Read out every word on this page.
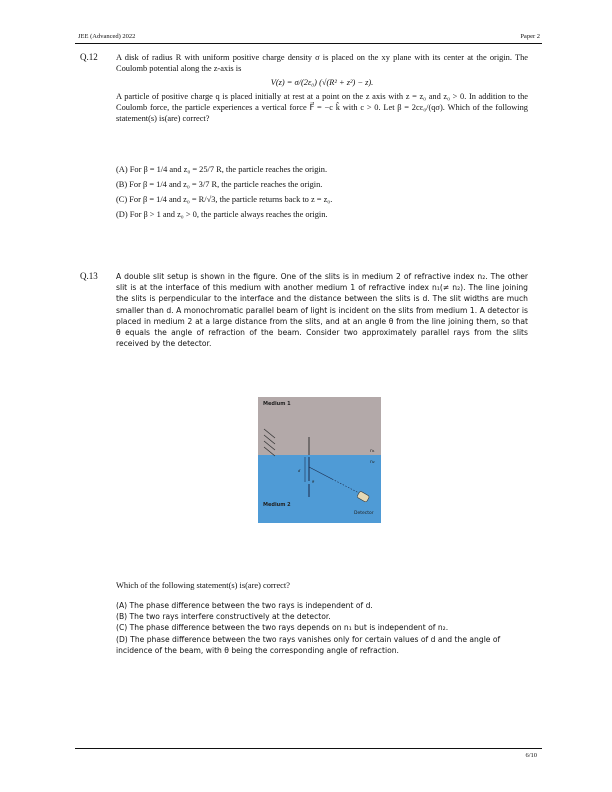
JEE (Advanced) 2022	Paper 2
Q.12 A disk of radius R with uniform positive charge density σ is placed on the xy plane with its center at the origin. The Coulomb potential along the z-axis is
V(z) = σ/(2ε₀) (√(R² + z²) − z).
A particle of positive charge q is placed initially at rest at a point on the z axis with z = z₀ and z₀ > 0. In addition to the Coulomb force, the particle experiences a vertical force F⃗ = −c k̂ with c > 0. Let β = 2cε₀/(qσ). Which of the following statement(s) is(are) correct?
(A) For β = 1/4 and z₀ = 25/7 R, the particle reaches the origin.
(B) For β = 1/4 and z₀ = 3/7 R, the particle reaches the origin.
(C) For β = 1/4 and z₀ = R/√3, the particle returns back to z = z₀.
(D) For β > 1 and z₀ > 0, the particle always reaches the origin.
Q.13 A double slit setup is shown in the figure. One of the slits is in medium 2 of refractive index n₂. The other slit is at the interface of this medium with another medium 1 of refractive index n₁(≠ n₂). The line joining the slits is perpendicular to the interface and the distance between the slits is d. The slit widths are much smaller than d. A monochromatic parallel beam of light is incident on the slits from medium 1. A detector is placed in medium 2 at a large distance from the slits, and at an angle θ from the line joining them, so that θ equals the angle of refraction of the beam. Consider two approximately parallel rays from the slits received by the detector.
Medium 1
Medium 2
n₁
n₂
Detector
d
θ
Which of the following statement(s) is(are) correct?
(A) The phase difference between the two rays is independent of d.
(B) The two rays interfere constructively at the detector.
(C) The phase difference between the two rays depends on n₁ but is independent of n₂.
(D) The phase difference between the two rays vanishes only for certain values of d and the angle of incidence of the beam, with θ being the corresponding angle of refraction.
6/10
